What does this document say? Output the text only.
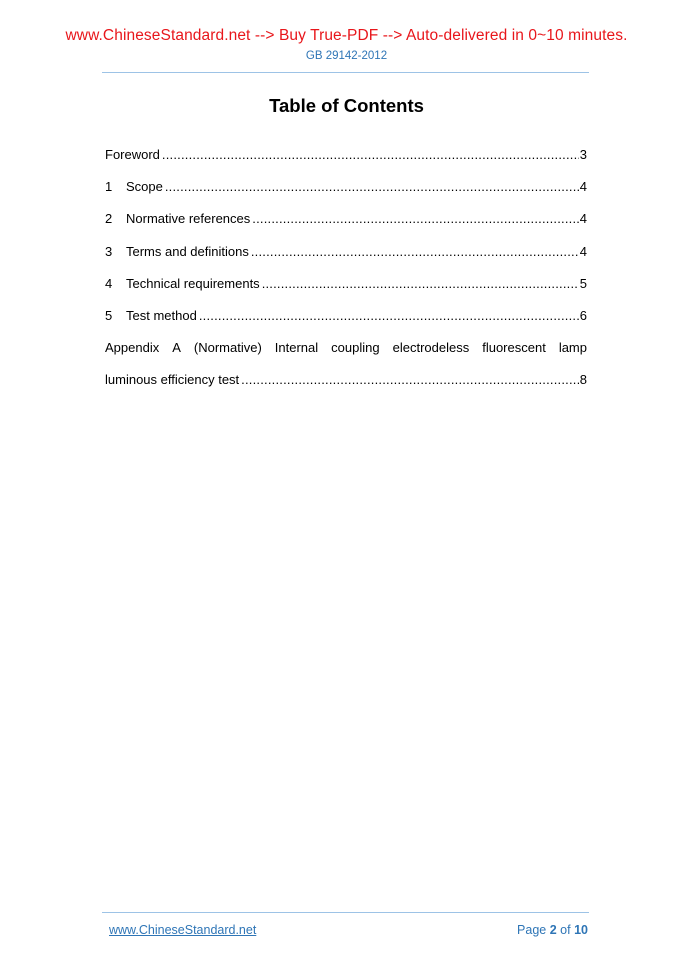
www.ChineseStandard.net --> Buy True-PDF --> Auto-delivered in 0~10 minutes.
GB 29142-2012
Table of Contents
Foreword .....	3
1	Scope .....	4
2	Normative references .....	4
3	Terms and definitions .....	4
4	Technical requirements .....	5
5	Test method .....	6
Appendix A (Normative) Internal coupling electrodeless fluorescent lamp
luminous efficiency test .....	8
www.ChineseStandard.net	Page 2 of 10
